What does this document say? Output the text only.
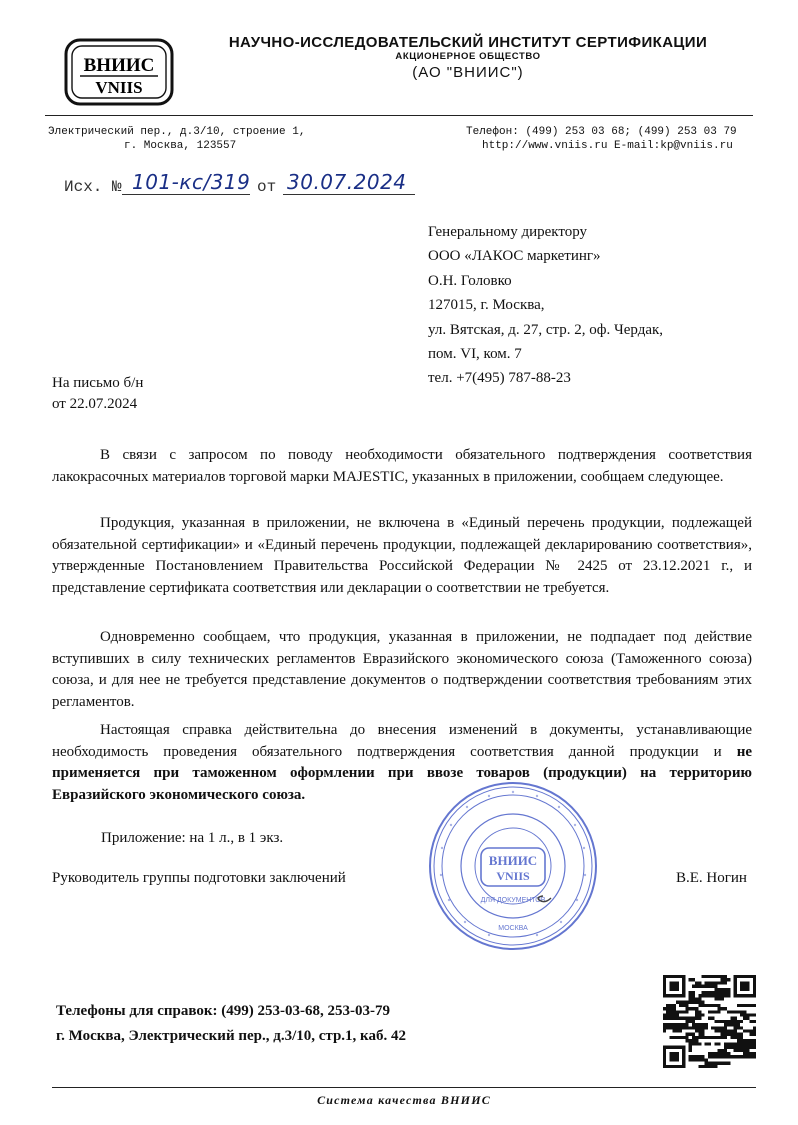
ВНИИС
VNIIS
НАУЧНО-ИССЛЕДОВАТЕЛЬСКИЙ ИНСТИТУТ СЕРТИФИКАЦИИ
АКЦИОНЕРНОЕ ОБЩЕСТВО
(АО "ВНИИС")
Электрический пер., д.3/10, строение 1,
г. Москва, 123557
Телефон: (499) 253 03 68; (499) 253 03 79
http://www.vniis.ru E-mail:kp@vniis.ru
Исх. № 101-кс/319 от 30.07.2024
Генеральному директору
ООО «ЛАКОС маркетинг»
О.Н. Головко
127015, г. Москва,
ул. Вятская, д. 27, стр. 2, оф. Чердак,
пом. VI, ком. 7
тел. +7(495) 787-88-23
На письмо б/н
от 22.07.2024

В связи с запросом по поводу необходимости обязательного подтверждения соответствия лакокрасочных материалов торговой марки MAJESTIC, указанных в приложении, сообщаем следующее.

Продукция, указанная в приложении, не включена в «Единый перечень продукции, подлежащей обязательной сертификации» и «Единый перечень продукции, подлежащей декларированию соответствия», утвержденные Постановлением Правительства Российской Федерации № 2425 от 23.12.2021 г., и представление сертификата соответствия или декларации о соответствии не требуется.

Одновременно сообщаем, что продукция, указанная в приложении, не подпадает под действие вступивших в силу технических регламентов Евразийского экономического союза (Таможенного союза) союза, и для нее не требуется представление документов о подтверждении соответствия требованиям этих регламентов.

Настоящая справка действительна до внесения изменений в документы, устанавливающие необходимость проведения обязательного подтверждения соответствия данной продукции и не применяется при таможенном оформлении при ввозе товаров (продукции) на территорию Евразийского экономического союза.

Приложение: на 1 л., в 1 экз.
Руководитель группы подготовки заключений	В.Е. Ногин
ВНИИС
VNIIS
ДЛЯ ДОКУМЕНТОВ
МОСКВА
Телефоны для справок: (499) 253-03-68, 253-03-79
г. Москва, Электрический пер., д.3/10, стр.1, каб. 42
Система качества ВНИИС
